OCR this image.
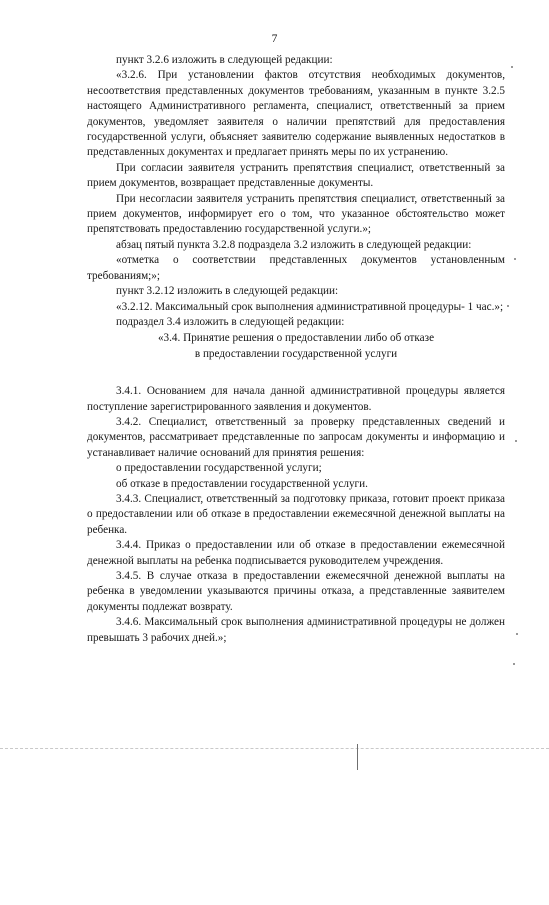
7

пункт 3.2.6 изложить в следующей редакции:

«3.2.6. При установлении фактов отсутствия необходимых документов, несоответствия представленных документов требованиям, указанным в пункте 3.2.5 настоящего Административного регламента, специалист, ответственный за прием документов, уведомляет заявителя о наличии препятствий для предоставления государственной услуги, объясняет заявителю содержание выявленных недостатков в представленных документах и предлагает принять меры по их устранению.

При согласии заявителя устранить препятствия специалист, ответственный за прием документов, возвращает представленные документы.

При несогласии заявителя устранить препятствия специалист, ответственный за прием документов, информирует его о том, что указанное обстоятельство может препятствовать предоставлению государственной услуги.»;

абзац пятый пункта 3.2.8 подраздела 3.2 изложить в следующей редакции:

«отметка о соответствии представленных документов установленным требованиям;»;

пункт 3.2.12 изложить в следующей редакции:

«3.2.12. Максимальный срок выполнения административной процедуры- 1 час.»;

подраздел 3.4 изложить в следующей редакции:

«3.4. Принятие решения о предоставлении либо об отказе
в предоставлении государственной услуги

3.4.1. Основанием для начала данной административной процедуры является поступление зарегистрированного заявления и документов.

3.4.2. Специалист, ответственный за проверку представленных сведений и документов, рассматривает представленные по запросам документы и информацию и устанавливает наличие оснований для принятия решения:

о предоставлении государственной услуги;

об отказе в предоставлении государственной услуги.

3.4.3. Специалист, ответственный за подготовку приказа, готовит проект приказа о предоставлении или об отказе в предоставлении ежемесячной денежной выплаты на ребенка.

3.4.4. Приказ о предоставлении или об отказе в предоставлении ежемесячной денежной выплаты на ребенка подписывается руководителем учреждения.

3.4.5. В случае отказа в предоставлении ежемесячной денежной выплаты на ребенка в уведомлении указываются причины отказа, а представленные заявителем документы подлежат возврату.

3.4.6. Максимальный срок выполнения административной процедуры не должен превышать 3 рабочих дней.»;
